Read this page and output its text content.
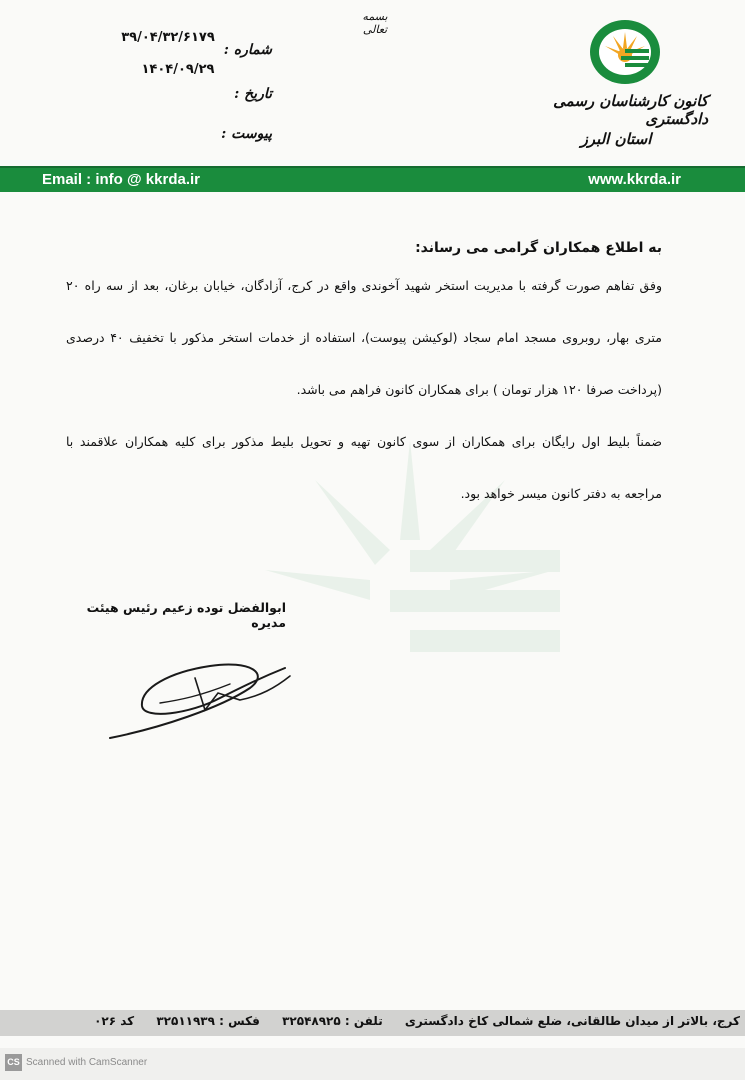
بسمه تعالی
کانون کارشناسان رسمی دادگستری
استان البرز
شماره :
۳۹/۰۴/۳۲/۶۱۷۹
تاریخ :
۱۴۰۴/۰۹/۲۹
پیوست :
Email : info @ kkrda.ir	www.kkrda.ir
به اطلاع همکاران گرامی می رساند:
وفق تفاهم صورت گرفته با مدیریت استخر شهید آخوندی واقع در کرج، آزادگان، خیابان برغان، بعد از سه راه ۲۰
متری بهار، روبروی مسجد امام سجاد (لوکیشن پیوست)، استفاده از خدمات استخر مذکور با تخفیف ۴۰ درصدی
(پرداخت صرفا ۱۲۰ هزار تومان ) برای همکاران کانون فراهم می باشد.
ضمناً بلیط اول رایگان برای همکاران از سوی کانون تهیه و تحویل بلیط مذکور برای کلیه همکاران علاقمند با
مراجعه به دفتر کانون میسر خواهد بود.
ابوالفضل توده زعیم رئیس هیئت مدیره
کرج، بالاتر از میدان طالقانی، ضلع شمالی کاخ دادگستری تلفن : ۳۲۵۴۸۹۲۵ فکس : ۳۲۵۱۱۹۳۹ کد ۰۲۶
CS Scanned with CamScanner
